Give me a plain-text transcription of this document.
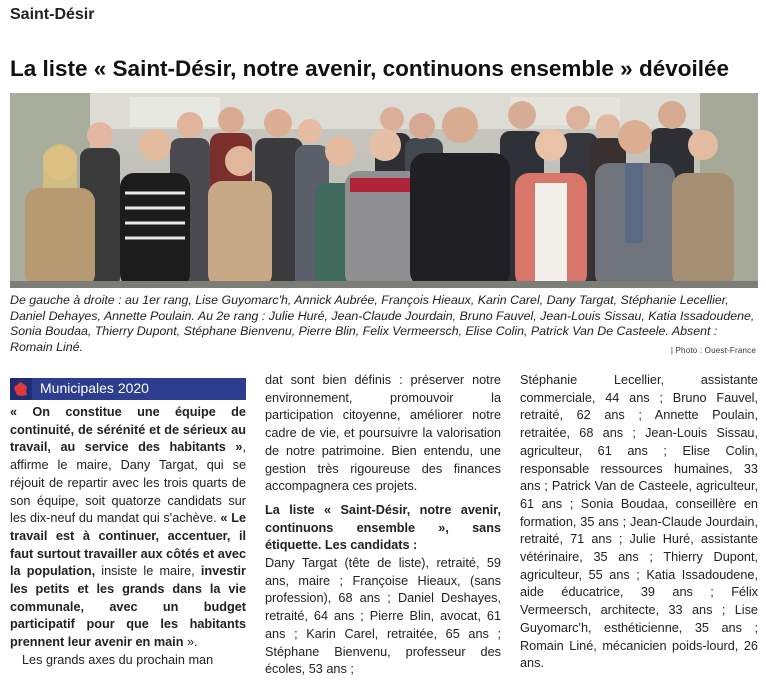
Saint-Désir
La liste « Saint-Désir, notre avenir, continuons ensemble » dévoilée
De gauche à droite : au 1er rang, Lise Guyomarc'h, Annick Aubrée, François Hieaux, Karin Carel, Dany Targat, Stéphanie Lecellier, Daniel Dehayes, Annette Poulain. Au 2e rang : Julie Huré, Jean-Claude Jourdain, Bruno Fauvel, Jean-Louis Sissau, Katia Issadoudene, Sonia Boudaa, Thierry Dupont, Stéphane Bienvenu, Pierre Blin, Felix Vermeersch, Elise Colin, Patrick Van De Casteele. Absent : Romain Liné.	| Photo : Ouest-France
Municipales 2020

« On constitue une équipe de continuité, de sérénité et de sérieux au travail, au service des habitants », affirme le maire, Dany Targat, qui se réjouit de repartir avec les trois quarts de son équipe, soit quatorze candidats sur les dix-neuf du mandat qui s'achève. « Le travail est à continuer, accentuer, il faut surtout travailler aux côtés et avec la population, insiste le maire, investir les petits et les grands dans la vie communale, avec un budget participatif pour que les habitants prennent leur avenir en main ».

Les grands axes du prochain man

dat sont bien définis : préserver notre environnement, promouvoir la participation citoyenne, améliorer notre cadre de vie, et poursuivre la valorisation de notre patrimoine. Bien entendu, une gestion très rigoureuse des finances accompagnera ces projets.

La liste « Saint-Désir, notre avenir, continuons ensemble », sans étiquette. Les candidats :

Dany Targat (tête de liste), retraité, 59 ans, maire ; Françoise Hieaux, (sans profession), 68 ans ; Daniel Deshayes, retraité, 64 ans ; Pierre Blin, avocat, 61 ans ; Karin Carel, retraitée, 65 ans ; Stéphane Bienvenu, professeur des écoles, 53 ans ;

Stéphanie Lecellier, assistante commerciale, 44 ans ; Bruno Fauvel, retraité, 62 ans ; Annette Poulain, retraitée, 68 ans ; Jean-Louis Sissau, agriculteur, 61 ans ; Elise Colin, responsable ressources humaines, 33 ans ; Patrick Van de Casteele, agriculteur, 61 ans ; Sonia Boudaa, conseillère en formation, 35 ans ; Jean-Claude Jourdain, retraité, 71 ans ; Julie Huré, assistante vétérinaire, 35 ans ; Thierry Dupont, agriculteur, 55 ans ; Katia Issadoudene, aide éducatrice, 39 ans ; Félix Vermeersch, architecte, 33 ans ; Lise Guyomarc'h, esthéticienne, 35 ans ; Romain Liné, mécanicien poids-lourd, 26 ans.
